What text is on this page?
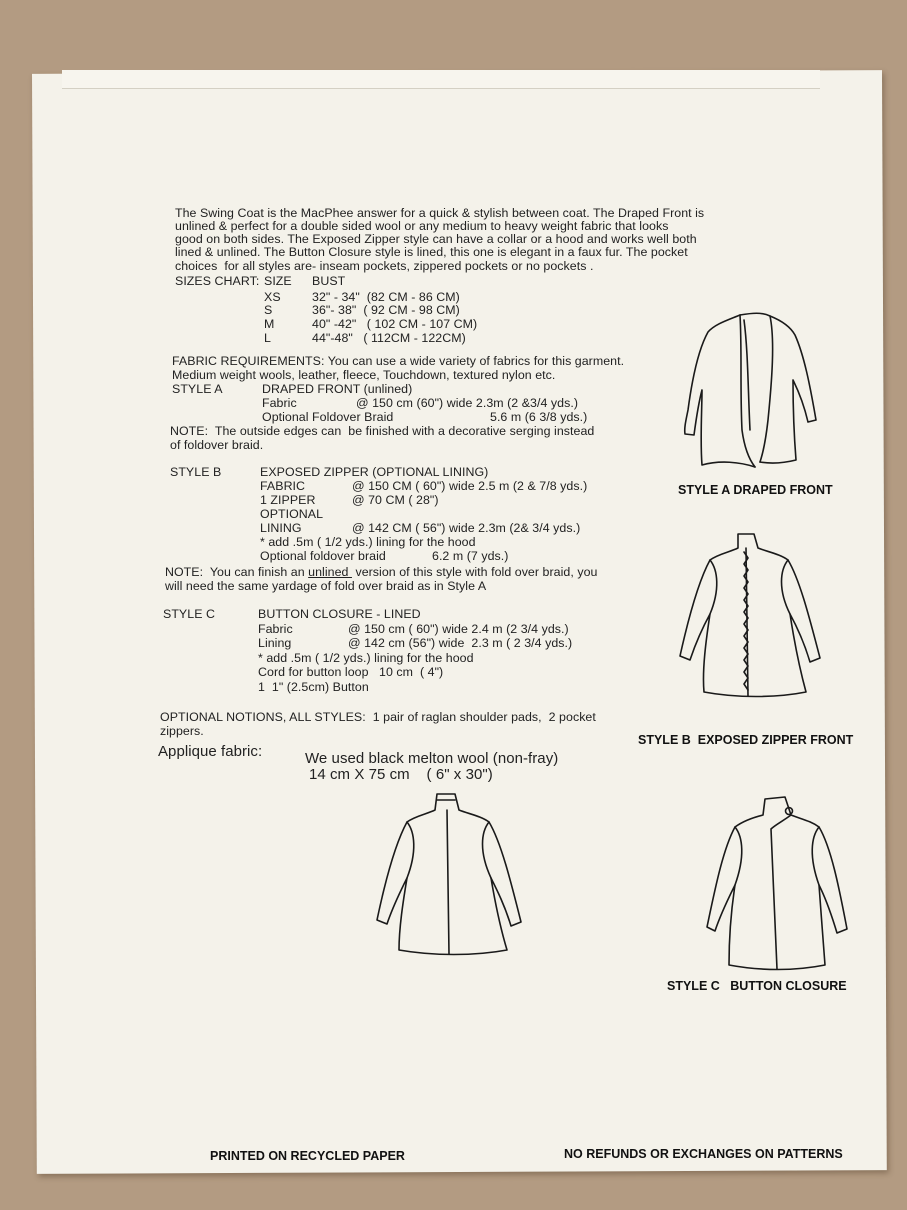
The Swing Coat is the MacPhee answer for a quick & stylish between coat. The Draped Front is
unlined & perfect for a double sided wool or any medium to heavy weight fabric that looks
good on both sides. The Exposed Zipper style can have a collar or a hood and works well both
lined & unlined. The Button Closure style is lined, this one is elegant in a faux fur. The pocket
choices  for all styles are- inseam pockets, zippered pockets or no pockets .
SIZES CHART: SIZE BUST
XS	32" - 34"  (82 CM - 86 CM)
S	36"- 38"  ( 92 CM - 98 CM)
M	40" -42"   ( 102 CM - 107 CM)
L	44"-48"   ( 112CM - 122CM)
FABRIC REQUIREMENTS: You can use a wide variety of fabrics for this garment.
Medium weight wools, leather, fleece, Touchdown, textured nylon etc.
STYLE A	DRAPED FRONT (unlined)
Fabric	@ 150 cm (60") wide 2.3m (2 &3/4 yds.)
Optional Foldover Braid	5.6 m (6 3/8 yds.)
NOTE:  The outside edges can  be finished with a decorative serging instead
of foldover braid.
STYLE B	EXPOSED ZIPPER (OPTIONAL LINING)
FABRIC	@ 150 CM ( 60") wide 2.5 m (2 & 7/8 yds.)
1 ZIPPER	@ 70 CM ( 28")
OPTIONAL
LINING	@ 142 CM ( 56") wide 2.3m (2& 3/4 yds.)
* add .5m ( 1/2 yds.) lining for the hood
Optional foldover braid	6.2 m (7 yds.)
NOTE:  You can finish an unlined  version of this style with fold over braid, you
will need the same yardage of fold over braid as in Style A
STYLE C	BUTTON CLOSURE - LINED
Fabric	@ 150 cm ( 60") wide 2.4 m (2 3/4 yds.)
Lining	@ 142 cm (56") wide  2.3 m ( 2 3/4 yds.)
* add .5m ( 1/2 yds.) lining for the hood
Cord for button loop   10 cm  ( 4")
1  1" (2.5cm) Button
OPTIONAL NOTIONS, ALL STYLES:  1 pair of raglan shoulder pads,  2 pocket
zippers.
Applique fabric:	We used black melton wool (non-fray)
14 cm X 75 cm    ( 6" x 30")
STYLE A DRAPED FRONT
STYLE B  EXPOSED ZIPPER FRONT
STYLE C   BUTTON CLOSURE
PRINTED ON RECYCLED PAPER	NO REFUNDS OR EXCHANGES ON PATTERNS
